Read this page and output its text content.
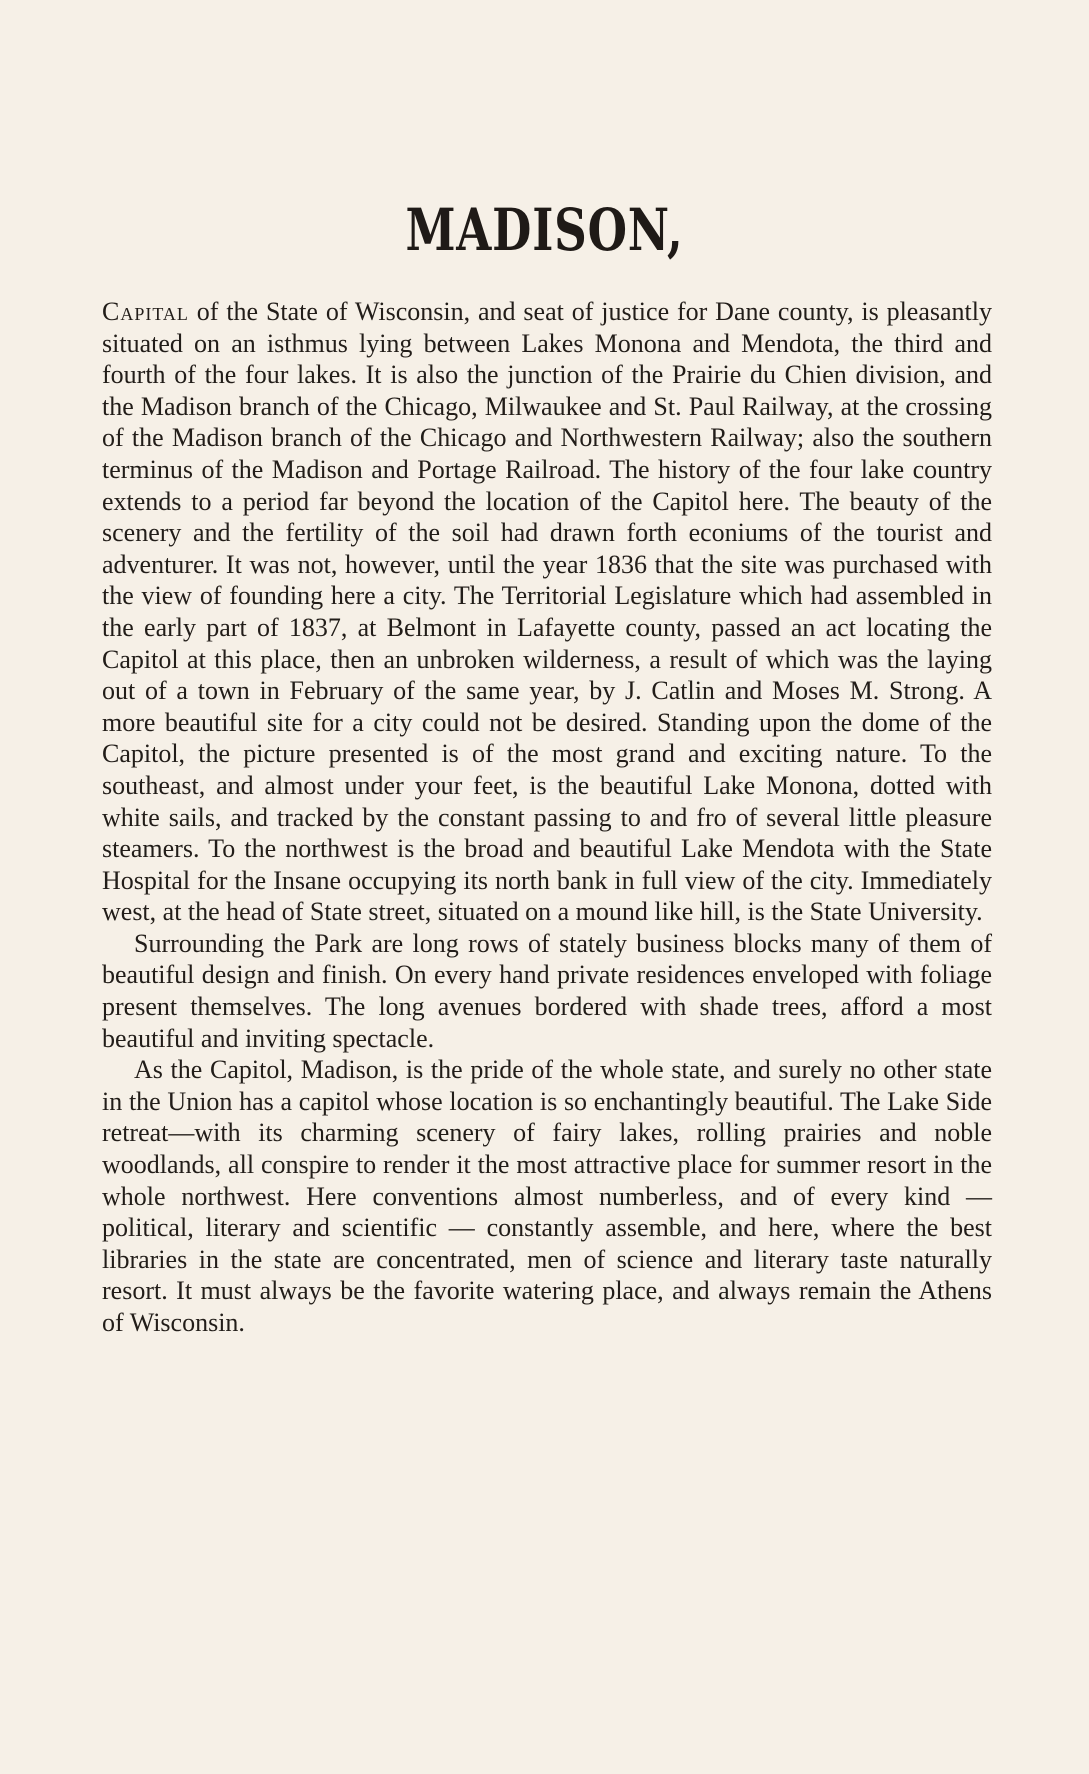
MADISON,

Capital of the State of Wisconsin, and seat of justice for Dane county, is pleasantly situated on an isthmus lying between Lakes Monona and Mendota, the third and fourth of the four lakes. It is also the junction of the Prairie du Chien division, and the Madison branch of the Chicago, Milwaukee and St. Paul Railway, at the crossing of the Madison branch of the Chicago and Northwestern Railway; also the southern terminus of the Madison and Portage Railroad. The history of the four lake country extends to a period far beyond the location of the Capitol here. The beauty of the scenery and the fertility of the soil had drawn forth econiums of the tourist and adventurer. It was not, however, until the year 1836 that the site was purchased with the view of founding here a city. The Territorial Legislature which had assembled in the early part of 1837, at Belmont in Lafayette county, passed an act locating the Capitol at this place, then an unbroken wilderness, a result of which was the laying out of a town in February of the same year, by J. Catlin and Moses M. Strong. A more beautiful site for a city could not be desired. Standing upon the dome of the Capitol, the picture presented is of the most grand and exciting nature. To the southeast, and almost under your feet, is the beautiful Lake Monona, dotted with white sails, and tracked by the constant passing to and fro of several little pleasure steamers. To the northwest is the broad and beautiful Lake Mendota with the State Hospital for the Insane occupying its north bank in full view of the city. Immediately west, at the head of State street, situated on a mound like hill, is the State University.

Surrounding the Park are long rows of stately business blocks many of them of beautiful design and finish. On every hand private residences enveloped with foliage present themselves. The long avenues bordered with shade trees, afford a most beautiful and inviting spectacle.

As the Capitol, Madison, is the pride of the whole state, and surely no other state in the Union has a capitol whose location is so enchantingly beautiful. The Lake Side retreat—with its charming scenery of fairy lakes, rolling prairies and noble woodlands, all conspire to render it the most attractive place for summer resort in the whole northwest. Here conventions almost numberless, and of every kind — political, literary and scientific — constantly assemble, and here, where the best libraries in the state are concentrated, men of science and literary taste naturally resort. It must always be the favorite watering place, and always remain the Athens of Wisconsin.
